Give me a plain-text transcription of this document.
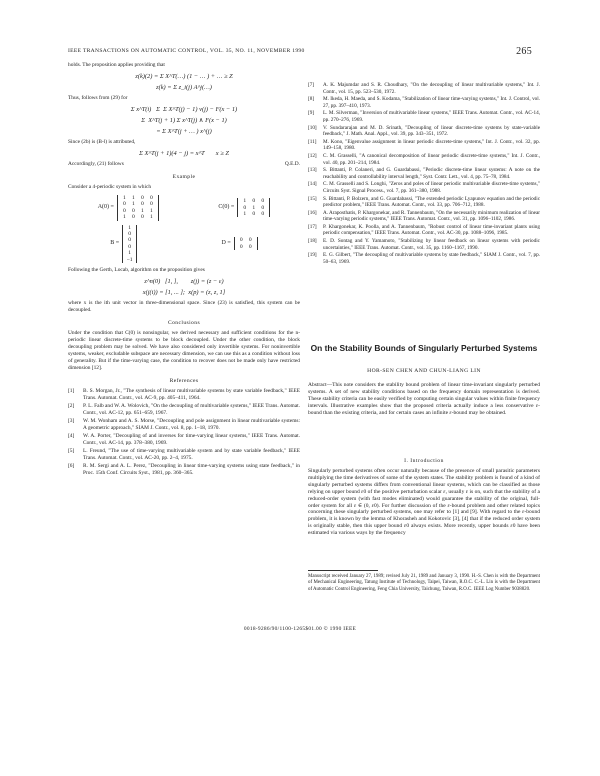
IEEE TRANSACTIONS ON AUTOMATIC CONTROL, VOL. 35, NO. 11, NOVEMBER 1990	265
holds. The proposition applies providing that
z(k)(2) = Σ X^T(…) (1 − … ) + … ≥ Z
z(k) = Σ z_i(j) A^j(…)
Thus, follows from (29) for
Σ x^T(i)   Σ  Σ X^T(j) − 1) v(j) − F(x − 1)
Σ  X^T(j + 1) Σ x^T(j) ∧ F(x − 1)
= Σ X^T(j + … ) x^(j)
Since (2b) is (B-l) is attributed,
Σ X^T(j + 1)(4 − j) = x^T       x ≥ Z
Accordingly, (21) follows	Q.E.D.
Example
Consider a 4-periodic system in which
A(0) =
1	1	0	0
0	1	0	0
0	0	1	1
1	0	0	1
C(0) =
1	0	0
0	1	0
1	0	0
B =
1
0
0
0
1
−1
D =	0	0
0	0
Following the Gerth, Locab, algorithm on the proposition gives
z^n(0)   [1, ],        z(j) = (z − ε)
x(j(i)) = [1, ... ];  x(p) = (z, z, 1]
where x is the ith unit vector in three-dimensional space. Since (23) is satisfied, this system can be decoupled.
Conclusions
Under the condition that C(0) is nonsingular, we derived necessary and sufficient conditions for the n-periodic linear discrete-time systems to be block decoupled. Under the other condition, the block decoupling problem may be solved. We have also considered only invertible systems. For noninvertible systems, weaker, excludable subspace are necessary dimension, we can use this as a condition without loss of generality. But if the time-varying case, the condition to recover does not be made only have restricted dimension [12].
References
[1]	B. S. Morgan, Jr., "The synthesis of linear multivariable systems by state variable feedback," IEEE Trans. Automat. Contr., vol. AC-9, pp. 405–411, 1964.
[2]	P. L. Falb and W. A. Wolovich, "On the decoupling of multivariable systems," IEEE Trans. Automat. Contr., vol. AC-12, pp. 651–659, 1967.
[3]	W. M. Wonham and A. S. Morse, "Decoupling and pole assignment in linear multivariable systems: A geometric approach," SIAM J. Contr., vol. 8, pp. 1–18, 1970.
[4]	W. A. Porter, "Decoupling of and inverses for time-varying linear systems," IEEE Trans. Automat. Contr., vol. AC-14, pp. 378–380, 1969.
[5]	L. Freund, "The use of time-varying multivariable system and by state variable feedback," IEEE Trans. Automat. Contr., vol. AC-20, pp. 2–4, 1975.
[6]	R. M. Sergi and A. L. Perez, "Decoupling in linear time-varying systems using state feedback," in Proc. 15th Conf. Circuits Syst., 1981, pp. 360–365.
[7]	A. K. Majumdar and S. R. Choudhary, "On the decoupling of linear multivariable systems," Int. J. Contr., vol. 15, pp. 523–530, 1972.
[8]	M. Ikeda, H. Maeda, and S. Kodama, "Stabilization of linear time-varying systems," Int. J. Control, vol. 27, pp. 397–410, 1973.
[9]	L. M. Silverman, "Inversion of multivariable linear systems," IEEE Trans. Automat. Contr., vol. AC-14, pp. 270–276, 1969.
[10]	V. Sundararajan and M. D. Srinath, "Decoupling of linear discrete-time systems by state-variable feedback," J. Math. Anal. Appl., vol. 39, pp. 343–351, 1972.
[11]	M. Kono, "Eigenvalue assignment in linear periodic discrete-time systems," Int. J. Contr., vol. 32, pp. 149–158, 1980.
[12]	C. M. Grasselli, "A canonical decomposition of linear periodic discrete-time systems," Int. J. Contr., vol. 40, pp. 201–214, 1984.
[13]	S. Bittanti, P. Colaneri, and G. Guardabassi, "Periodic discrete-time linear systems: A note on the reachability and controllability interval length," Syst. Contr. Lett., vol. 4, pp. 75–78, 1984.
[14]	C. M. Grasselli and S. Longhi, "Zeros and poles of linear periodic multivariable discrete-time systems," Circuits Syst. Signal Process., vol. 7, pp. 361–380, 1988.
[15]	S. Bittanti, P. Bolzern, and G. Guardabassi, "The extended periodic Lyapunov equation and the periodic predictor problem," IEEE Trans. Automat. Contr., vol. 33, pp. 706–712, 1988.
[16]	A. Araposthatis, P. Khargonekar, and R. Tannenbaum, "On the necessarily minimum realization of linear time-varying periodic systems," IEEE Trans. Automat. Contr., vol. 31, pp. 1096–1102, 1986.
[17]	P. Khargonekar, K. Poolla, and A. Tannenbaum, "Robust control of linear time-invariant plants using periodic compensation," IEEE Trans. Automat. Contr., vol. AC-30, pp. 1088–1096, 1985.
[18]	E. D. Sontag and Y. Yamamoto, "Stabilizing by linear feedback on linear systems with periodic uncertainties," IEEE Trans. Automat. Contr., vol. 35, pp. 1160–1167, 1990.
[19]	E. G. Gilbert, "The decoupling of multivariable systems by state feedback," SIAM J. Contr., vol. 7, pp. 50–63, 1969.
On the Stability Bounds of Singularly Perturbed Systems
HOR-SEN CHEN AND CHUN-LIANG LIN
Abstract—This note considers the stability bound problem of linear time-invariant singularly perturbed systems. A set of new stability conditions based on the frequency domain representation is derived. These stability criteria can be easily verified by computing certain singular values within finite frequency intervals. Illustrative examples show that the proposed criteria actually induce a less conservative ε-bound than the existing criteria, and for certain cases an infinite ε-bound may be obtained.
I. Introduction
Singularly perturbed systems often occur naturally because of the presence of small parasitic parameters multiplying the time derivatives of some of the system states. The stability problem is found of a kind of singularly perturbed systems differs from conventional linear systems, which can be classified as those relying on upper bound ε0 of the positive perturbation scalar ε, usually ε is on, such that the stability of a reduced-order system (with fast modes eliminated) would guarantee the stability of the original, full-order system for all ε ∈ (0, ε0). For further discussion of the ε-bound problem and other related topics concerning these singularly perturbed systems, one may refer to [1] and [9]. With regard to the ε-bound problem, it is known by the lemma of Khorasheh and Kokotovic [3], [4] that if the reduced order system is originally stable, then this upper bound ε0 always exists. More recently, upper bounds ε0 have been estimated via various ways by the frequency
Manuscript received January 27, 1989; revised July 21, 1989 and January 3, 1990. H.-S. Chen is with the Department of Mechanical Engineering, Tatung Institute of Technology, Taipei, Taiwan, R.O.C. C.-L. Lin is with the Department of Automatic Control Engineering, Feng Chia University, Taichung, Taiwan, R.O.C. IEEE Log Number 9038820.
0018-9286/90/1100-1265$01.00 © 1990 IEEE
